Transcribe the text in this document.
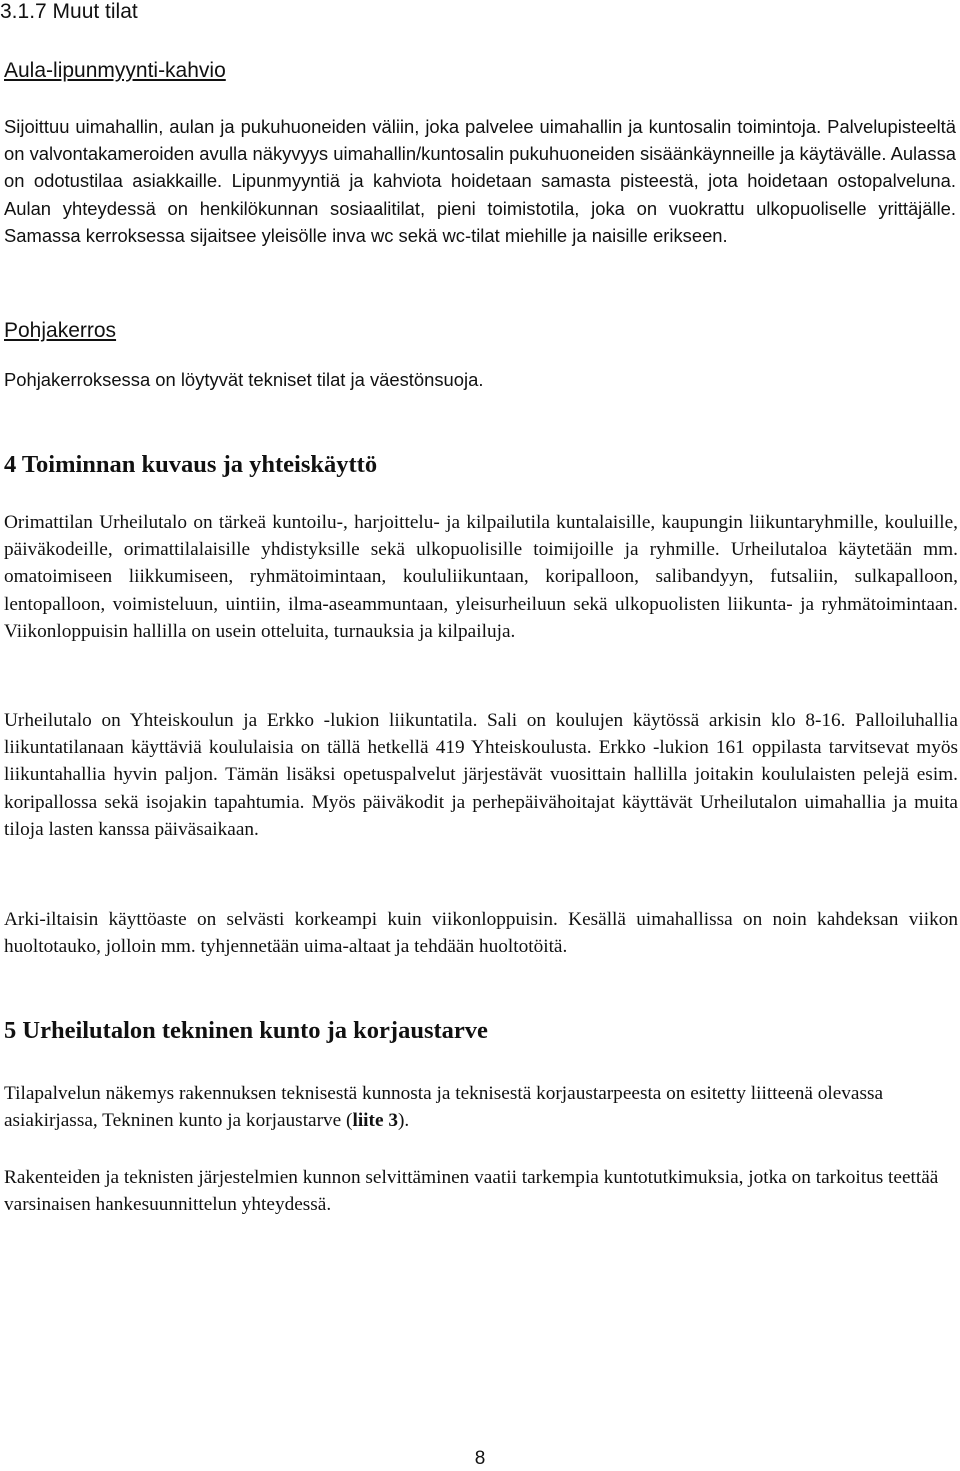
3.1.7 Muut tilat
Aula-lipunmyynti-kahvio
Sijoittuu uimahallin, aulan ja pukuhuoneiden väliin, joka palvelee uimahallin ja kuntosalin toimintoja. Palvelupisteeltä on valvontakameroiden avulla näkyvyys uimahallin/kuntosalin pukuhuoneiden sisäänkäynneille ja käytävälle. Aulassa on odotustilaa asiakkaille. Lipunmyyntiä ja kahviota hoidetaan samasta pisteestä, jota hoidetaan ostopalveluna. Aulan yhteydessä on henkilökunnan sosiaalitilat, pieni toimistotila, joka on vuokrattu ulkopuoliselle yrittäjälle. Samassa kerroksessa sijaitsee yleisölle inva wc sekä wc-tilat miehille ja naisille erikseen.
Pohjakerros
Pohjakerroksessa on löytyvät tekniset tilat ja väestönsuoja.
4 Toiminnan kuvaus ja yhteiskäyttö
Orimattilan Urheilutalo on tärkeä kuntoilu-, harjoittelu- ja kilpailutila kuntalaisille, kaupungin liikuntaryhmille, kouluille, päiväkodeille, orimattilalaisille yhdistyksille sekä ulkopuolisille toimijoille ja ryhmille. Urheilutaloa käytetään mm. omatoimiseen liikkumiseen, ryhmätoimintaan, koululiikuntaan, koripalloon, salibandyyn, futsaliin, sulkapalloon, lentopalloon, voimisteluun, uintiin, ilma-aseammuntaan, yleisurheiluun sekä ulkopuolisten liikunta- ja ryhmätoimintaan. Viikonloppuisin hallilla on usein otteluita, turnauksia ja kilpailuja.
Urheilutalo on Yhteiskoulun ja Erkko -lukion liikuntatila. Sali on koulujen käytössä arkisin klo 8-16. Palloiluhallia liikuntatilanaan käyttäviä koululaisia on tällä hetkellä 419 Yhteiskoulusta. Erkko -lukion 161 oppilasta tarvitsevat myös liikuntahallia hyvin paljon. Tämän lisäksi opetuspalvelut järjestävät vuosittain hallilla joitakin koululaisten pelejä esim. koripallossa sekä isojakin tapahtumia. Myös päiväkodit ja perhepäivähoitajat käyttävät Urheilutalon uimahallia ja muita tiloja lasten kanssa päiväsaikaan.
Arki-iltaisin käyttöaste on selvästi korkeampi kuin viikonloppuisin. Kesällä uimahallissa on noin kahdeksan viikon huoltotauko, jolloin mm. tyhjennetään uima-altaat ja tehdään huoltotöitä.
5 Urheilutalon tekninen kunto ja korjaustarve
Tilapalvelun näkemys rakennuksen teknisestä kunnosta ja teknisestä korjaustarpeesta on esitetty liitteenä olevassa asiakirjassa, Tekninen kunto ja korjaustarve (liite 3).
Rakenteiden ja teknisten järjestelmien kunnon selvittäminen vaatii tarkempia kuntotutkimuksia, jotka on tarkoitus teettää varsinaisen hankesuunnittelun yhteydessä.
8
